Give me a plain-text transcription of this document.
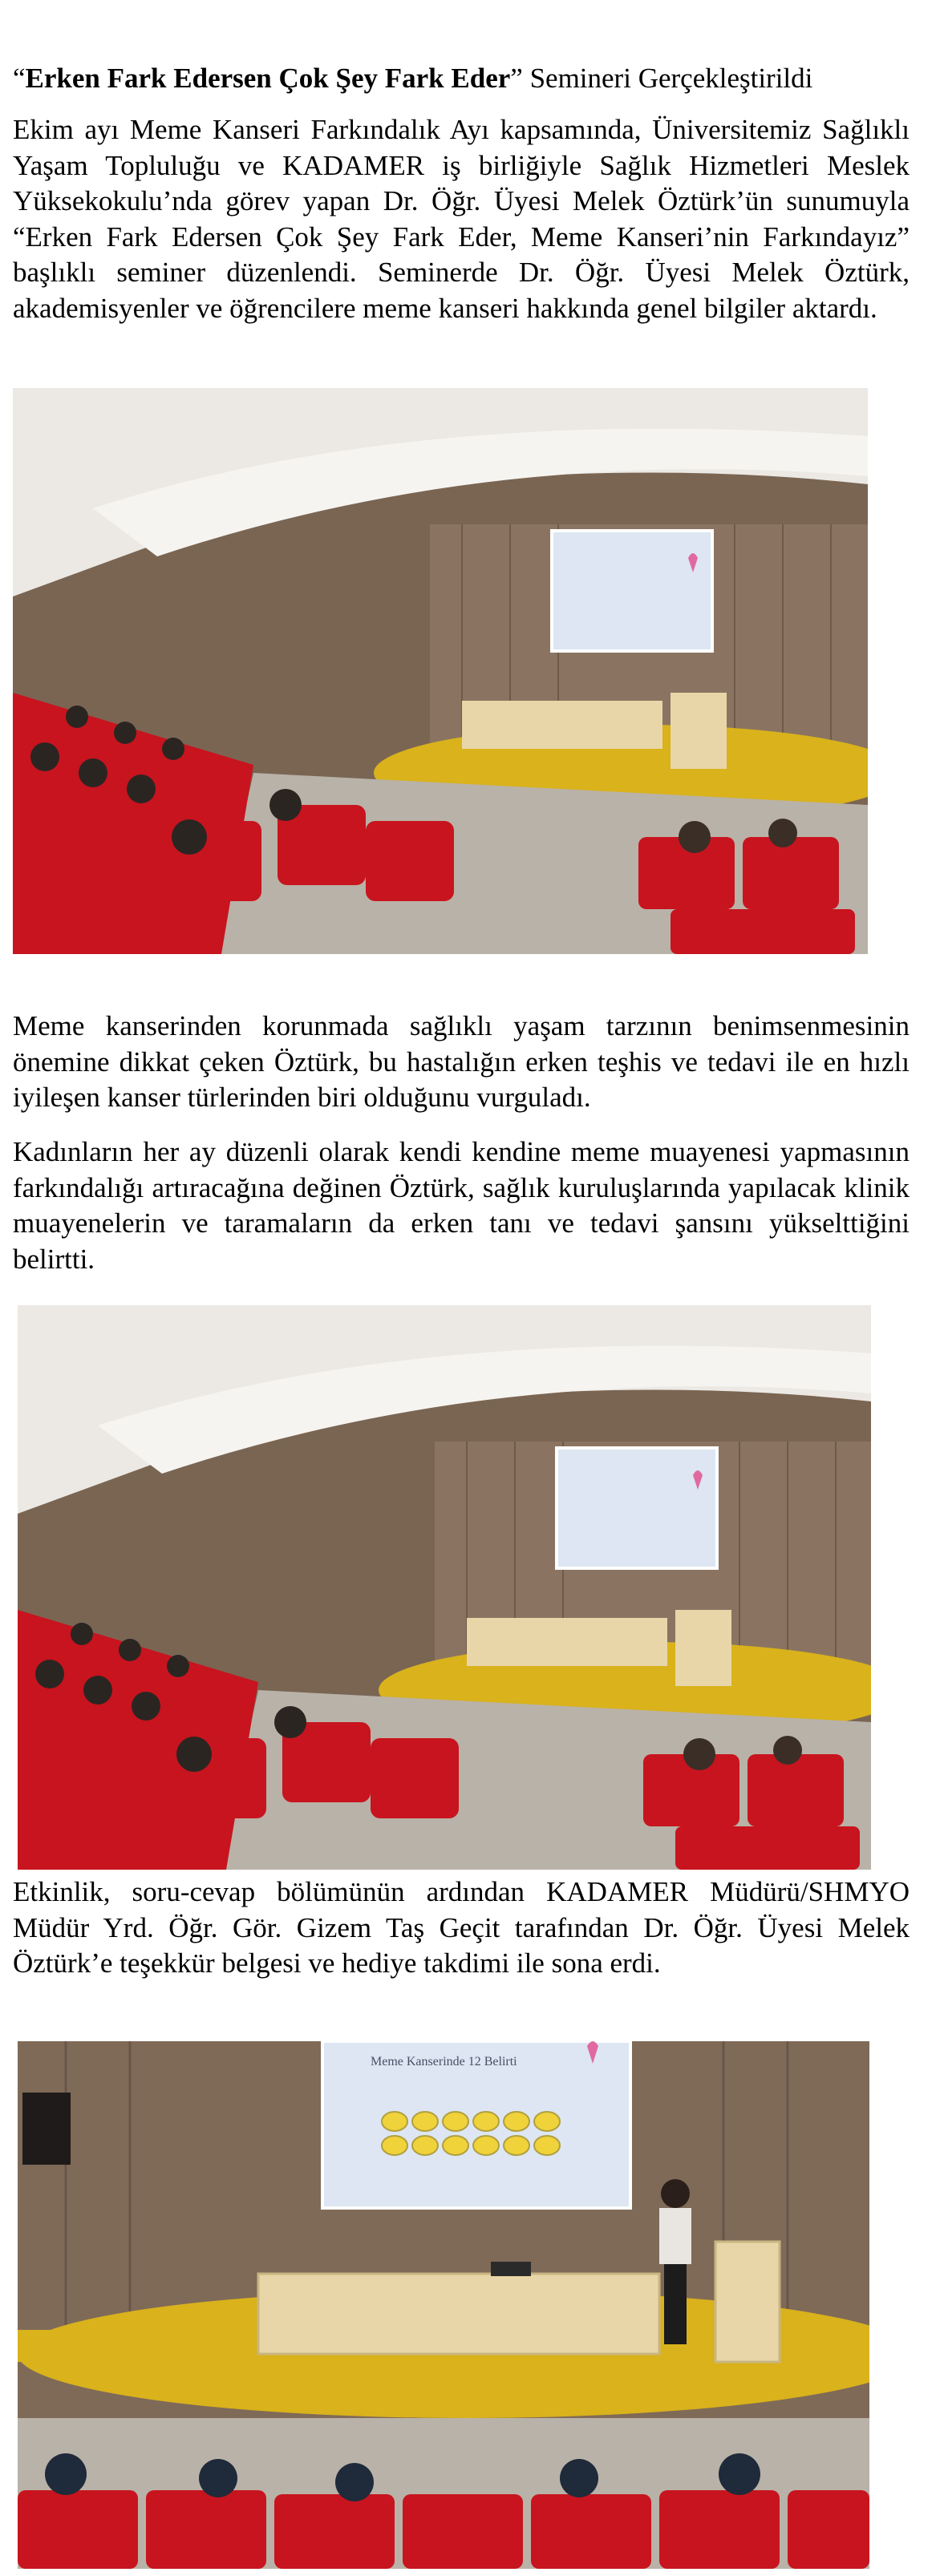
“Erken Fark Edersen Çok Şey Fark Eder” Semineri Gerçekleştirildi

Ekim ayı Meme Kanseri Farkındalık Ayı kapsamında, Üniversitemiz Sağlıklı Yaşam Topluluğu ve KADAMER iş birliğiyle Sağlık Hizmetleri Meslek Yüksekokulu’nda görev yapan Dr. Öğr. Üyesi Melek Öztürk’ün sunumuyla “Erken Fark Edersen Çok Şey Fark Eder, Meme Kanseri’nin Farkındayız” başlıklı seminer düzenlendi. Seminerde Dr. Öğr. Üyesi Melek Öztürk, akademisyenler ve öğrencilere meme kanseri hakkında genel bilgiler aktardı.

Meme kanserinden korunmada sağlıklı yaşam tarzının benimsenmesinin önemine dikkat çeken Öztürk, bu hastalığın erken teşhis ve tedavi ile en hızlı iyileşen kanser türlerinden biri olduğunu vurguladı.

Kadınların her ay düzenli olarak kendi kendine meme muayenesi yapmasının farkındalığı artıracağına değinen Öztürk, sağlık kuruluşlarında yapılacak klinik muayenelerin ve taramaların da erken tanı ve tedavi şansını yükselttiğini belirtti.

Etkinlik, soru-cevap bölümünün ardından KADAMER Müdürü/SHMYO Müdür Yrd. Öğr. Gör. Gizem Taş Geçit tarafından Dr. Öğr. Üyesi Melek Öztürk’e teşekkür belgesi ve hediye takdimi ile sona erdi.

Meme Kanserinde 12 Belirti
